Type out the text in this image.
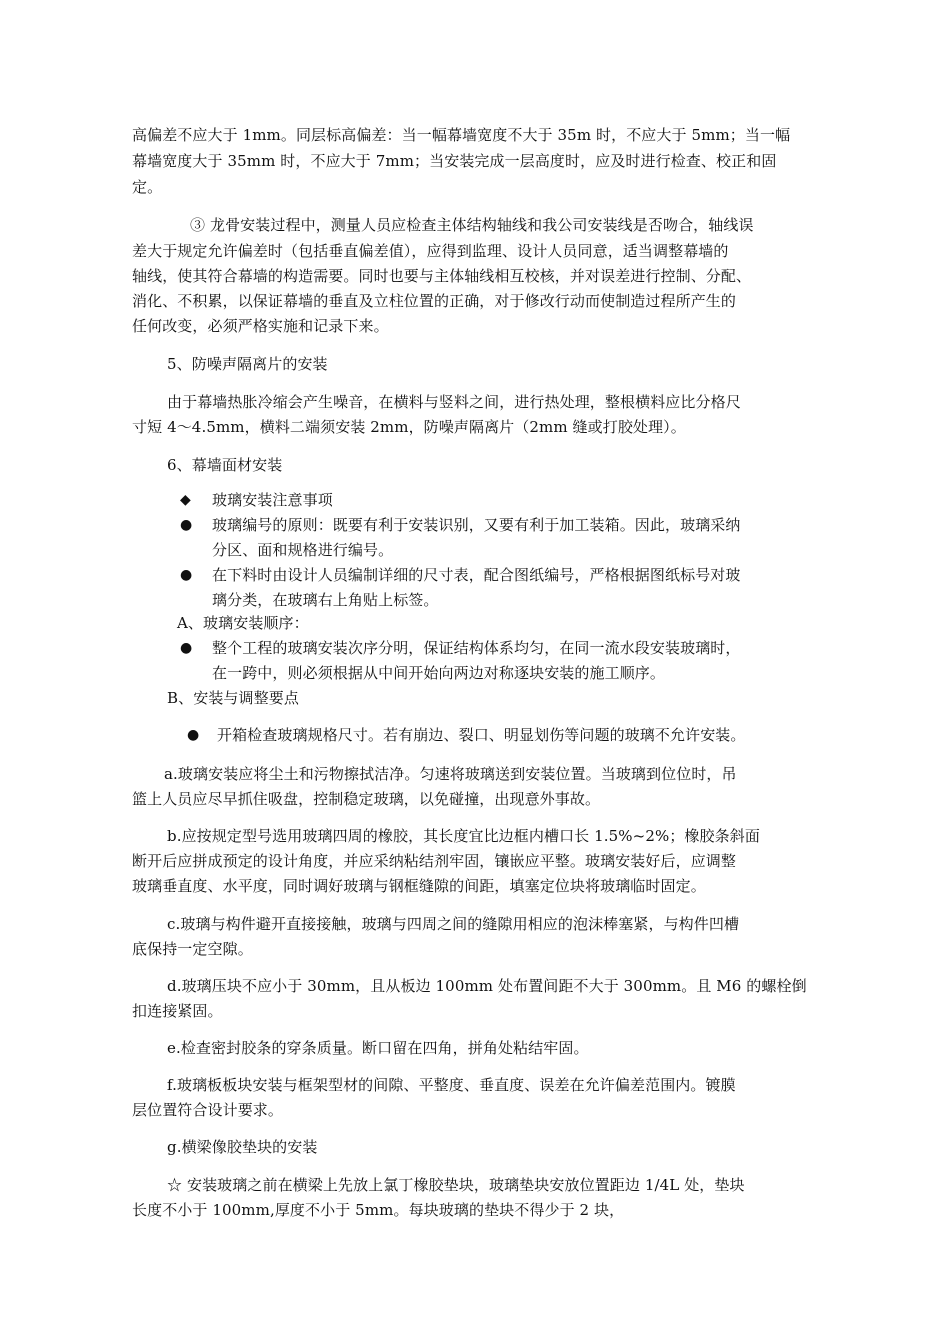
高偏差不应大于 1mm。同层标高偏差：当一幅幕墙宽度不大于 35m 时，不应大于 5mm；当一幅

幕墙宽度大于 35mm 时，不应大于 7mm；当安装完成一层高度时，应及时进行检查、校正和固

定。

③ 龙骨安装过程中，测量人员应检查主体结构轴线和我公司安装线是否吻合，轴线误

差大于规定允许偏差时（包括垂直偏差值），应得到监理、设计人员同意，适当调整幕墙的

轴线，使其符合幕墙的构造需要。同时也要与主体轴线相互校核，并对误差进行控制、分配、

消化、不积累，以保证幕墙的垂直及立柱位置的正确，对于修改行动而使制造过程所产生的

任何改变，必须严格实施和记录下来。

5、防噪声隔离片的安装

由于幕墙热胀冷缩会产生噪音，在横料与竖料之间，进行热处理，整根横料应比分格尺

寸短 4～4.5mm，横料二端须安装 2mm，防噪声隔离片（2mm 缝或打胶处理）。

6、幕墙面材安装

◆ 玻璃安装注意事项

● 玻璃编号的原则：既要有利于安装识别，又要有利于加工装箱。因此，玻璃采纳

分区、面和规格进行编号。

● 在下料时由设计人员编制详细的尺寸表，配合图纸编号，严格根据图纸标号对玻

璃分类，在玻璃右上角贴上标签。

A、玻璃安装顺序：

● 整个工程的玻璃安装次序分明，保证结构体系均匀，在同一流水段安装玻璃时，

在一跨中，则必须根据从中间开始向两边对称逐块安装的施工顺序。

B、安装与调整要点

● 开箱检查玻璃规格尺寸。若有崩边、裂口、明显划伤等问题的玻璃不允许安装。

a.玻璃安装应将尘土和污物擦拭洁净。匀速将玻璃送到安装位置。当玻璃到位位时，吊

篮上人员应尽早抓住吸盘，控制稳定玻璃，以免碰撞，出现意外事故。

b.应按规定型号选用玻璃四周的橡胶，其长度宜比边框内槽口长 1.5%~2%；橡胶条斜面

断开后应拼成预定的设计角度，并应采纳粘结剂牢固，镶嵌应平整。玻璃安装好后，应调整

玻璃垂直度、水平度，同时调好玻璃与钢框缝隙的间距，填塞定位块将玻璃临时固定。

c.玻璃与构件避开直接接触，玻璃与四周之间的缝隙用相应的泡沫棒塞紧，与构件凹槽

底保持一定空隙。

d.玻璃压块不应小于 30mm，且从板边 100mm 处布置间距不大于 300mm。且 M6 的螺栓倒

扣连接紧固。

e.检查密封胶条的穿条质量。断口留在四角，拼角处粘结牢固。

f.玻璃板板块安装与框架型材的间隙、平整度、垂直度、误差在允许偏差范围内。镀膜

层位置符合设计要求。

g.横梁像胶垫块的安装

☆ 安装玻璃之前在横梁上先放上氯丁橡胶垫块，玻璃垫块安放位置距边 1/4L 处，垫块

长度不小于 100mm,厚度不小于 5mm。每块玻璃的垫块不得少于 2 块，
